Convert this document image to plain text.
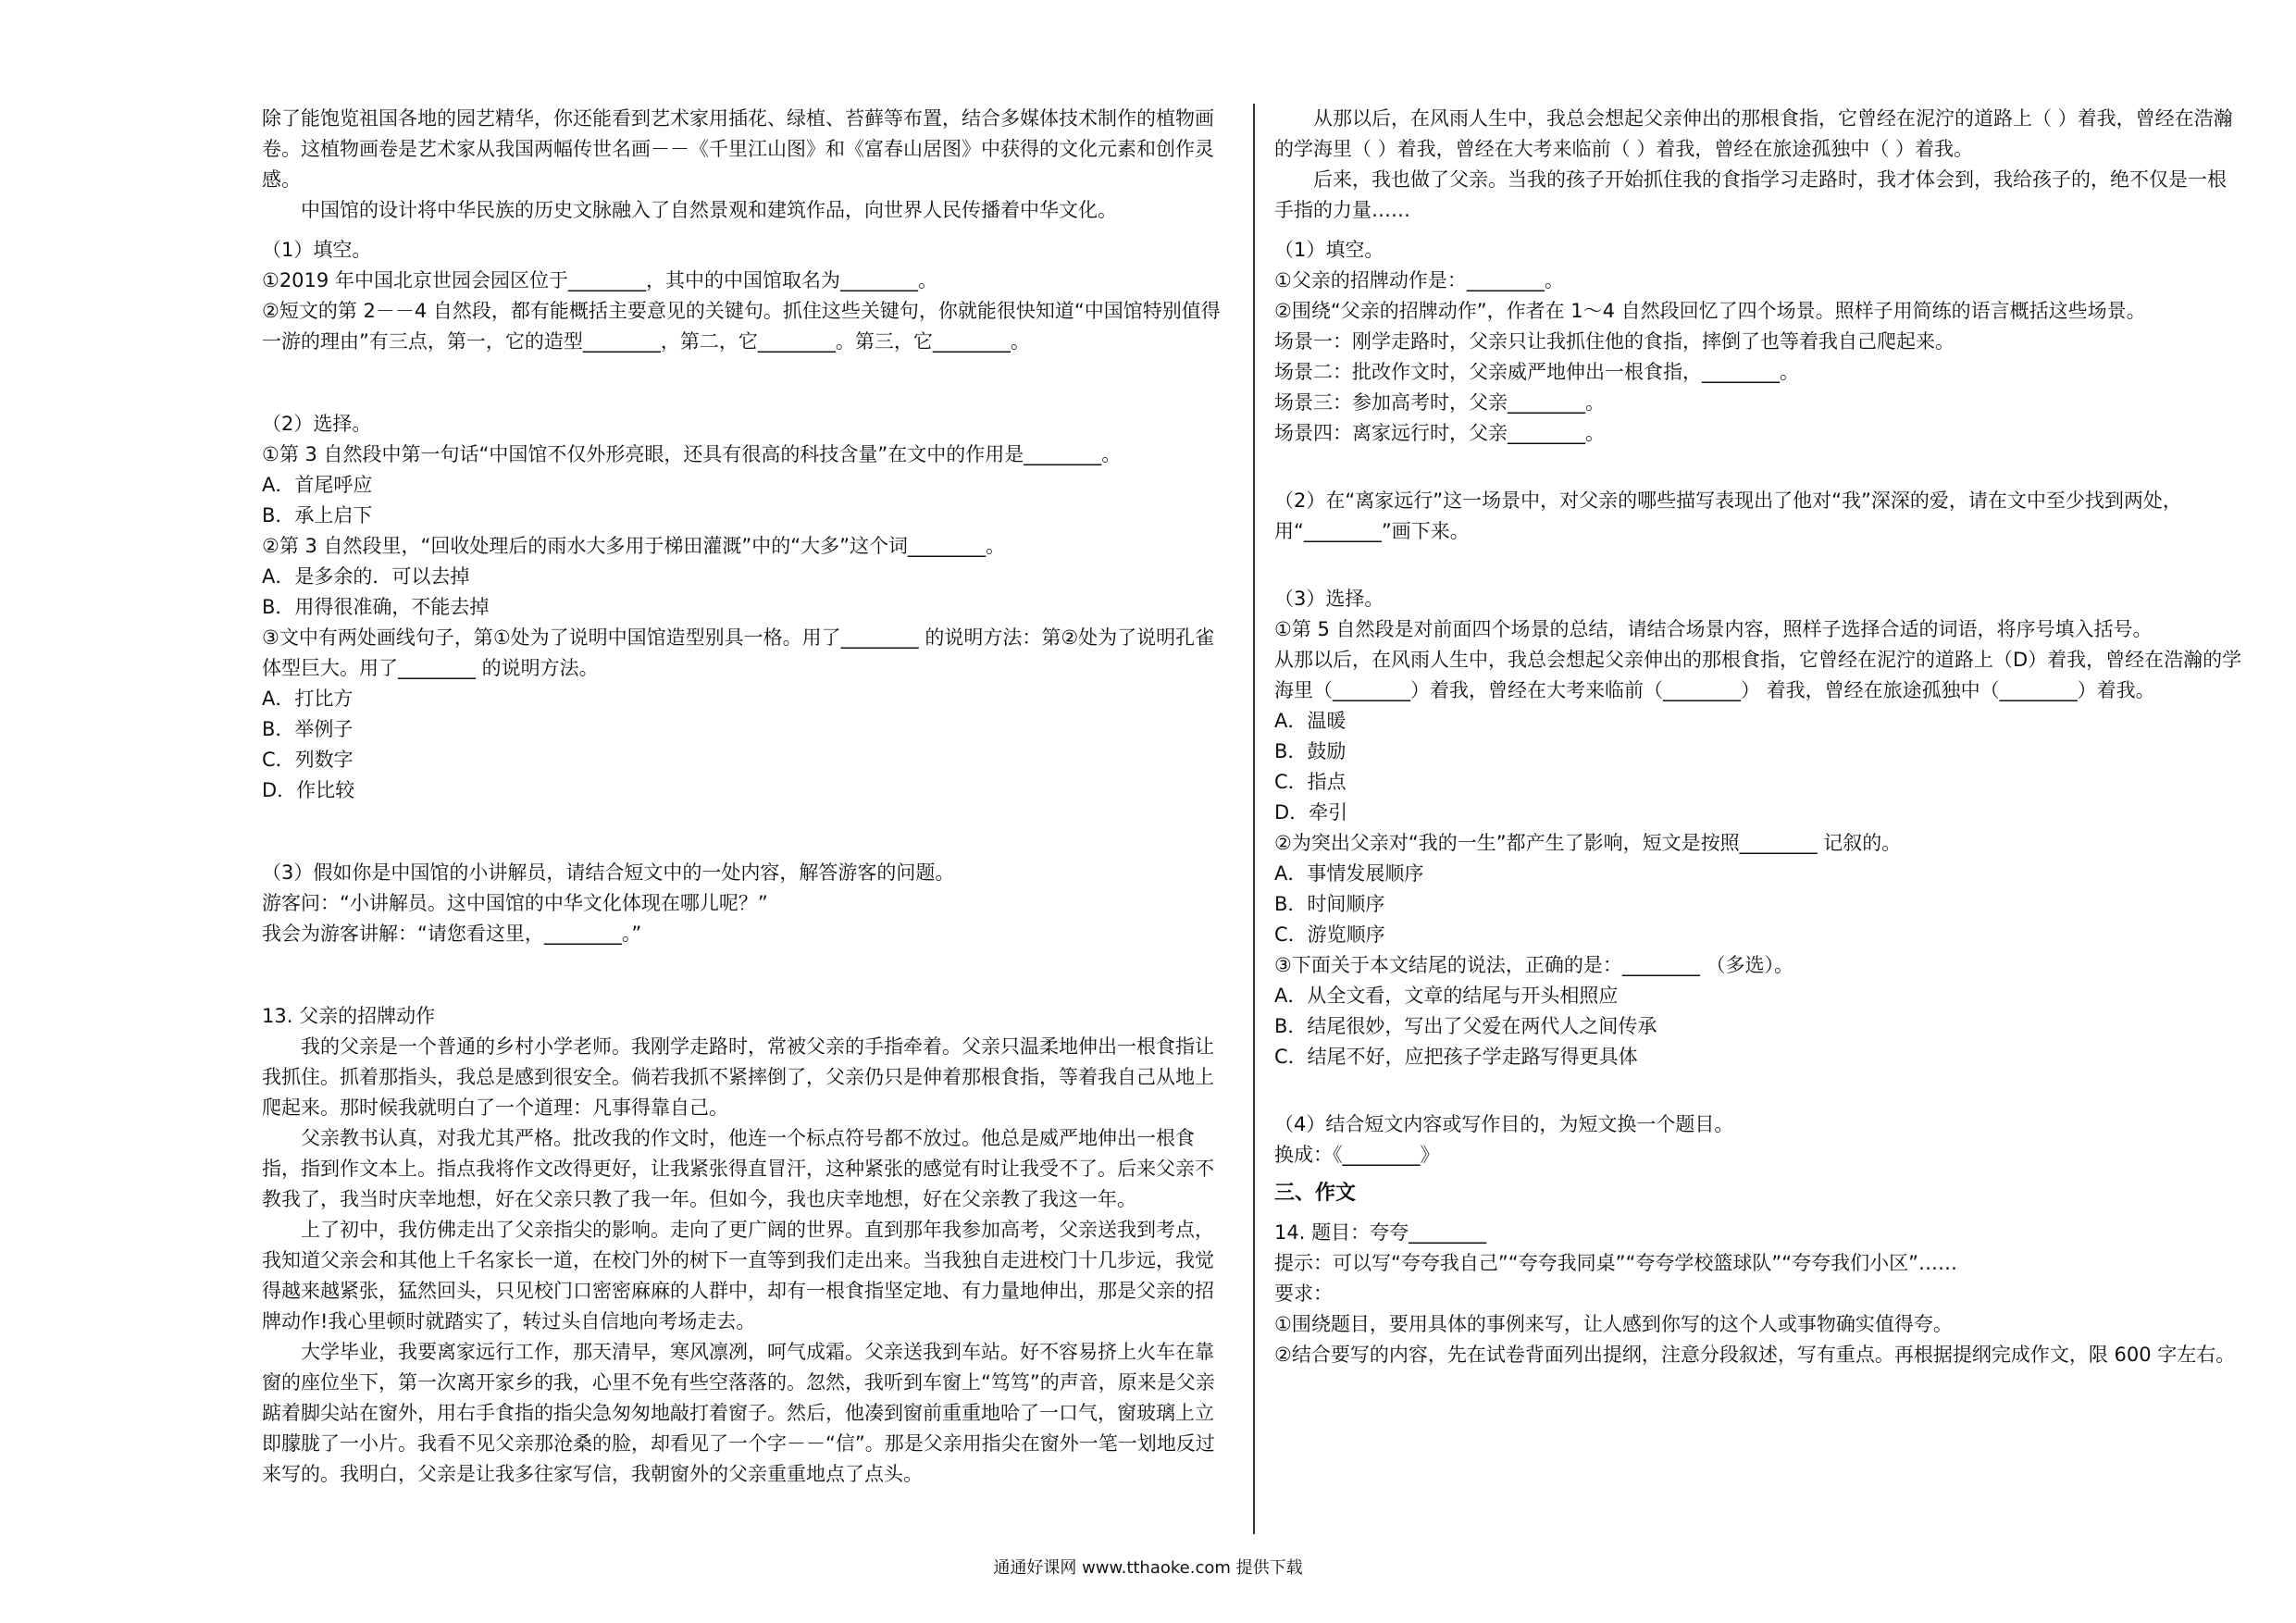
除了能饱览祖国各地的园艺精华，你还能看到艺术家用插花、绿植、苔藓等布置，结合多媒体技术制作的植物画卷。这植物画卷是艺术家从我国两幅传世名画－－《千里江山图》和《富春山居图》中获得的文化元素和创作灵感。

中国馆的设计将中华民族的历史文脉融入了自然景观和建筑作品，向世界人民传播着中华文化。

（1）填空。

①2019 年中国北京世园会园区位于________，其中的中国馆取名为________。

②短文的第 2－－4 自然段，都有能概括主要意见的关键句。抓住这些关键句，你就能很快知道“中国馆特别值得一游的理由”有三点，第一，它的造型________，第二，它________。第三，它________。

（2）选择。

①第 3 自然段中第一句话“中国馆不仅外形亮眼，还具有很高的科技含量”在文中的作用是________。

A．首尾呼应

B．承上启下

②第 3 自然段里，“回收处理后的雨水大多用于梯田灌溉”中的“大多”这个词________。

A．是多余的．可以去掉

B．用得很准确，不能去掉

③文中有两处画线句子，第①处为了说明中国馆造型别具一格。用了________ 的说明方法：第②处为了说明孔雀体型巨大。用了________ 的说明方法。

A．打比方

B．举例子

C．列数字

D．作比较

（3）假如你是中国馆的小讲解员，请结合短文中的一处内容，解答游客的问题。

游客问：“小讲解员。这中国馆的中华文化体现在哪儿呢？”

我会为游客讲解：“请您看这里，________。”

13. 父亲的招牌动作

我的父亲是一个普通的乡村小学老师。我刚学走路时，常被父亲的手指牵着。父亲只温柔地伸出一根食指让我抓住。抓着那指头，我总是感到很安全。倘若我抓不紧摔倒了，父亲仍只是伸着那根食指，等着我自己从地上爬起来。那时候我就明白了一个道理：凡事得靠自己。

父亲教书认真，对我尤其严格。批改我的作文时，他连一个标点符号都不放过。他总是威严地伸出一根食指，指到作文本上。指点我将作文改得更好，让我紧张得直冒汗，这种紧张的感觉有时让我受不了。后来父亲不教我了，我当时庆幸地想，好在父亲只教了我一年。但如今，我也庆幸地想，好在父亲教了我这一年。

上了初中，我仿佛走出了父亲指尖的影响。走向了更广阔的世界。直到那年我参加高考，父亲送我到考点，我知道父亲会和其他上千名家长一道，在校门外的树下一直等到我们走出来。当我独自走进校门十几步远，我觉得越来越紧张，猛然回头，只见校门口密密麻麻的人群中，却有一根食指坚定地、有力量地伸出，那是父亲的招牌动作!我心里顿时就踏实了，转过头自信地向考场走去。

大学毕业，我要离家远行工作，那天清早，寒风凛冽，呵气成霜。父亲送我到车站。好不容易挤上火车在靠窗的座位坐下，第一次离开家乡的我，心里不免有些空落落的。忽然，我听到车窗上“笃笃”的声音，原来是父亲踮着脚尖站在窗外，用右手食指的指尖急匆匆地敲打着窗子。然后，他凑到窗前重重地哈了一口气，窗玻璃上立即朦胧了一小片。我看不见父亲那沧桑的脸，却看见了一个字－－“信”。那是父亲用指尖在窗外一笔一划地反过来写的。我明白，父亲是让我多往家写信，我朝窗外的父亲重重地点了点头。

从那以后，在风雨人生中，我总会想起父亲伸出的那根食指，它曾经在泥泞的道路上（ ）着我，曾经在浩瀚的学海里（ ）着我，曾经在大考来临前（ ）着我，曾经在旅途孤独中（ ）着我。

后来，我也做了父亲。当我的孩子开始抓住我的食指学习走路时，我才体会到，我给孩子的，绝不仅是一根手指的力量……

（1）填空。

①父亲的招牌动作是：________。

②围绕“父亲的招牌动作”，作者在 1～4 自然段回忆了四个场景。照样子用简练的语言概括这些场景。

场景一：刚学走路时，父亲只让我抓住他的食指，摔倒了也等着我自己爬起来。

场景二：批改作文时，父亲威严地伸出一根食指，________。

场景三：参加高考时，父亲________。

场景四：离家远行时，父亲________。

（2）在“离家远行”这一场景中，对父亲的哪些描写表现出了他对“我”深深的爱，请在文中至少找到两处，用“________”画下来。

（3）选择。

①第 5 自然段是对前面四个场景的总结，请结合场景内容，照样子选择合适的词语，将序号填入括号。

从那以后，在风雨人生中，我总会想起父亲伸出的那根食指，它曾经在泥泞的道路上（D）着我，曾经在浩瀚的学海里（________）着我，曾经在大考来临前（________） 着我，曾经在旅途孤独中（________）着我。

A．温暖

B．鼓励

C．指点

D．牵引

②为突出父亲对“我的一生”都产生了影响，短文是按照________ 记叙的。

A．事情发展顺序

B．时间顺序

C．游览顺序

③下面关于本文结尾的说法，正确的是：________ （多选）。

A．从全文看，文章的结尾与开头相照应

B．结尾很妙，写出了父爱在两代人之间传承

C．结尾不好，应把孩子学走路写得更具体

（4）结合短文内容或写作目的，为短文换一个题目。

换成：《________》

三、作文

14. 题目：夸夸________

提示：可以写“夸夸我自己”“夸夸我同桌”“夸夸学校篮球队”“夸夸我们小区”……

要求：

①围绕题目，要用具体的事例来写，让人感到你写的这个人或事物确实值得夸。

②结合要写的内容，先在试卷背面列出提纲，注意分段叙述，写有重点。再根据提纲完成作文，限 600 字左右。

通通好课网 www.tthaoke.com 提供下载
